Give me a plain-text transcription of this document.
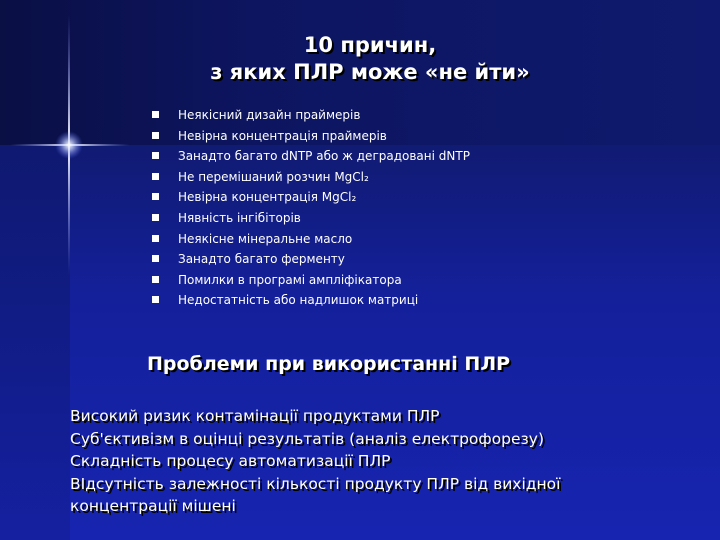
10 причин,
з яких ПЛР може «не йти»
Неякісний дизайн праймерів
Невірна концентрація праймерів
Занадто багато dNTP або ж деградовані dNTP
Не перемішаний розчин MgCl₂
Невірна концентрація MgCl₂
Нявність інгібіторів
Неякісне мінеральне масло
Занадто багато ферменту
Помилки в програмі ампліфікатора
Недостатність або надлишок матриці
Проблеми при використанні ПЛР
Високий ризик контамінації продуктами ПЛР
Суб'єктивізм в оцінці результатів (аналіз електрофорезу)
Складність процесу автоматизації ПЛР
ВІдсутність залежності кількості продукту ПЛР від вихідної
концентрації мішені
